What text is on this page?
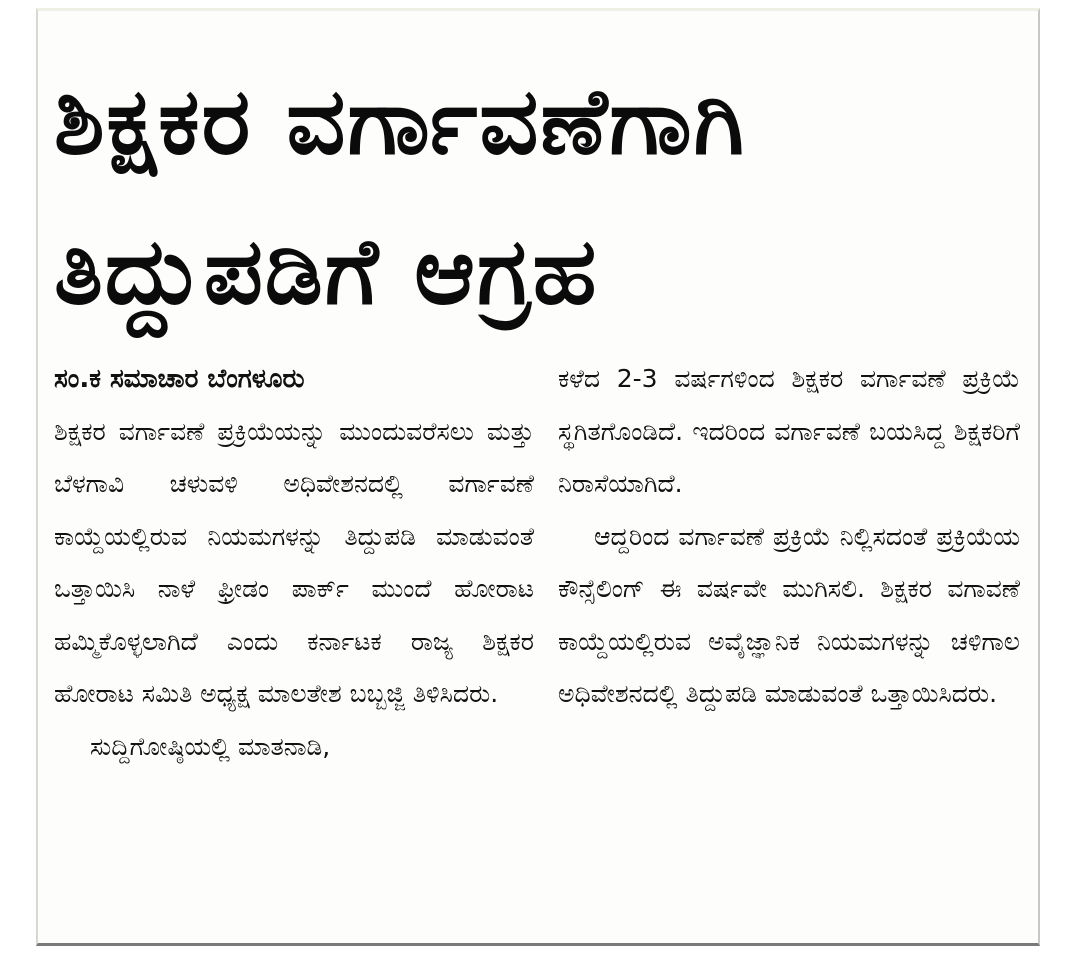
ಶಿಕ್ಷಕರ ವರ್ಗಾವಣೆಗಾಗಿ
ತಿದ್ದುಪಡಿಗೆ ಆಗ್ರಹ

ಸಂ.ಕ ಸಮಾಚಾರ ಬೆಂಗಳೂರು

ಶಿಕ್ಷಕರ ವರ್ಗಾವಣೆ ಪ್ರಕ್ರಿಯೆಯನ್ನು ಮುಂದುವರೆಸಲು ಮತ್ತು ಬೆಳಗಾವಿ ಚಳುವಳಿ ಅಧಿವೇಶನದಲ್ಲಿ ವರ್ಗಾವಣೆ ಕಾಯ್ದೆಯಲ್ಲಿರುವ ನಿಯಮಗಳನ್ನು ತಿದ್ದುಪಡಿ ಮಾಡುವಂತೆ ಒತ್ತಾಯಿಸಿ ನಾಳೆ ಫ್ರೀಡಂ ಪಾರ್ಕ್ ಮುಂದೆ ಹೋರಾಟ ಹಮ್ಮಿಕೊಳ್ಳಲಾಗಿದೆ ಎಂದು ಕರ್ನಾಟಕ ರಾಜ್ಯ ಶಿಕ್ಷಕರ ಹೋರಾಟ ಸಮಿತಿ ಅಧ್ಯಕ್ಷ ಮಾಲತೇಶ ಬಬ್ಬಜ್ಜಿ ತಿಳಿಸಿದರು.

ಸುದ್ದಿಗೋಷ್ಠಿಯಲ್ಲಿ ಮಾತನಾಡಿ,

ಕಳೆದ 2-3 ವರ್ಷಗಳಿಂದ ಶಿಕ್ಷಕರ ವರ್ಗಾವಣೆ ಪ್ರಕ್ರಿಯೆ ಸ್ಥಗಿತಗೊಂಡಿದೆ. ಇದರಿಂದ ವರ್ಗಾವಣೆ ಬಯಸಿದ್ದ ಶಿಕ್ಷಕರಿಗೆ ನಿರಾಸೆಯಾಗಿದೆ.

ಆದ್ದರಿಂದ ವರ್ಗಾವಣೆ ಪ್ರಕ್ರಿಯೆ ನಿಲ್ಲಿಸದಂತೆ ಪ್ರಕ್ರಿಯೆಯ ಕೌನ್ಸೆಲಿಂಗ್ ಈ ವರ್ಷವೇ ಮುಗಿಸಲಿ. ಶಿಕ್ಷಕರ ವಗಾವಣೆ ಕಾಯ್ದೆಯಲ್ಲಿರುವ ಅವೈಜ್ಞಾನಿಕ ನಿಯಮಗಳನ್ನು ಚಳಿಗಾಲ ಅಧಿವೇಶನದಲ್ಲಿ ತಿದ್ದುಪಡಿ ಮಾಡುವಂತೆ ಒತ್ತಾಯಿಸಿದರು.
